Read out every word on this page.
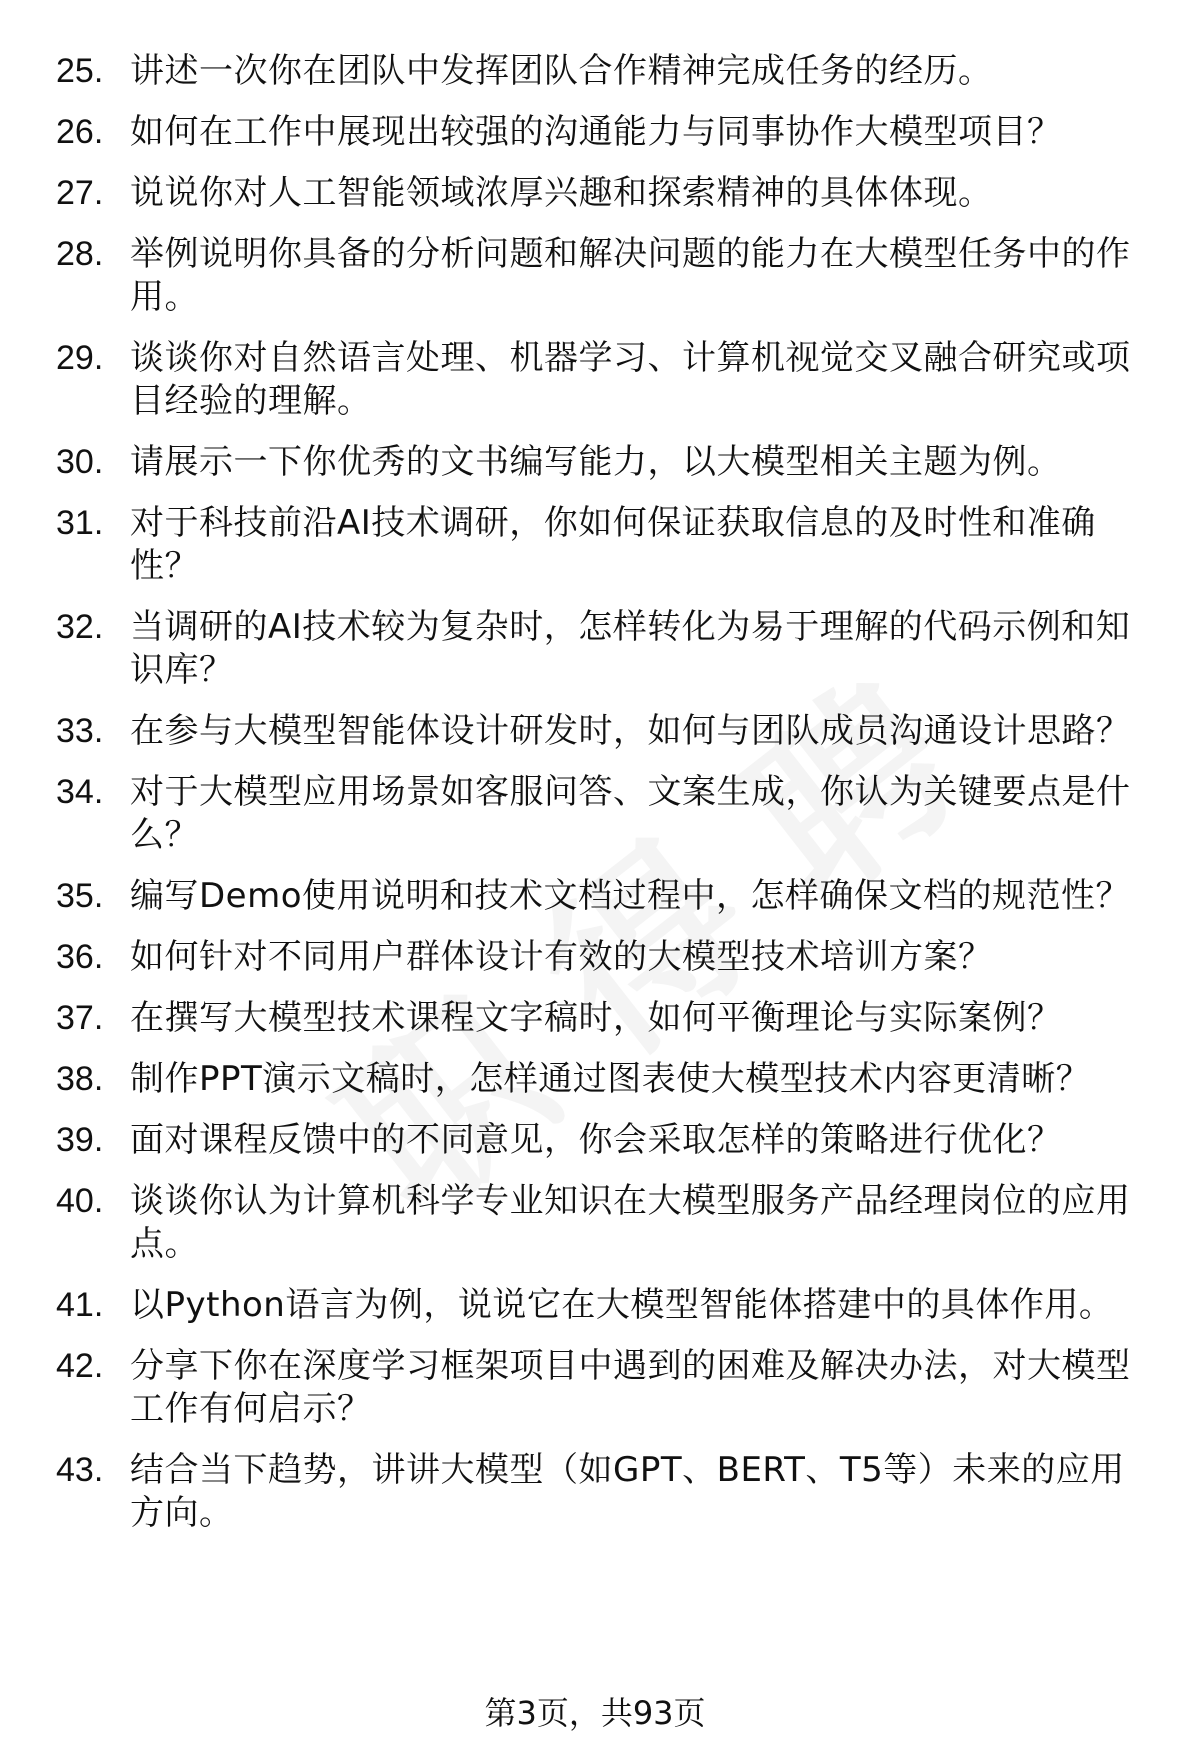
25. 讲述一次你在团队中发挥团队合作精神完成任务的经历。
26. 如何在工作中展现出较强的沟通能力与同事协作大模型项目？
27. 说说你对人工智能领域浓厚兴趣和探索精神的具体体现。
28. 举例说明你具备的分析问题和解决问题的能力在大模型任务中的作用。
29. 谈谈你对自然语言处理、机器学习、计算机视觉交叉融合研究或项目经验的理解。
30. 请展示一下你优秀的文书编写能力，以大模型相关主题为例。
31. 对于科技前沿AI技术调研，你如何保证获取信息的及时性和准确性？
32. 当调研的AI技术较为复杂时，怎样转化为易于理解的代码示例和知识库？
33. 在参与大模型智能体设计研发时，如何与团队成员沟通设计思路？
34. 对于大模型应用场景如客服问答、文案生成，你认为关键要点是什么？
35. 编写Demo使用说明和技术文档过程中，怎样确保文档的规范性？
36. 如何针对不同用户群体设计有效的大模型技术培训方案？
37. 在撰写大模型技术课程文字稿时，如何平衡理论与实际案例？
38. 制作PPT演示文稿时，怎样通过图表使大模型技术内容更清晰？
39. 面对课程反馈中的不同意见，你会采取怎样的策略进行优化？
40. 谈谈你认为计算机科学专业知识在大模型服务产品经理岗位的应用点。
41. 以Python语言为例，说说它在大模型智能体搭建中的具体作用。
42. 分享下你在深度学习框架项目中遇到的困难及解决办法，对大模型工作有何启示？
43. 结合当下趋势，讲讲大模型（如GPT、BERT、T5等）未来的应用方向。
第3页，共93页
